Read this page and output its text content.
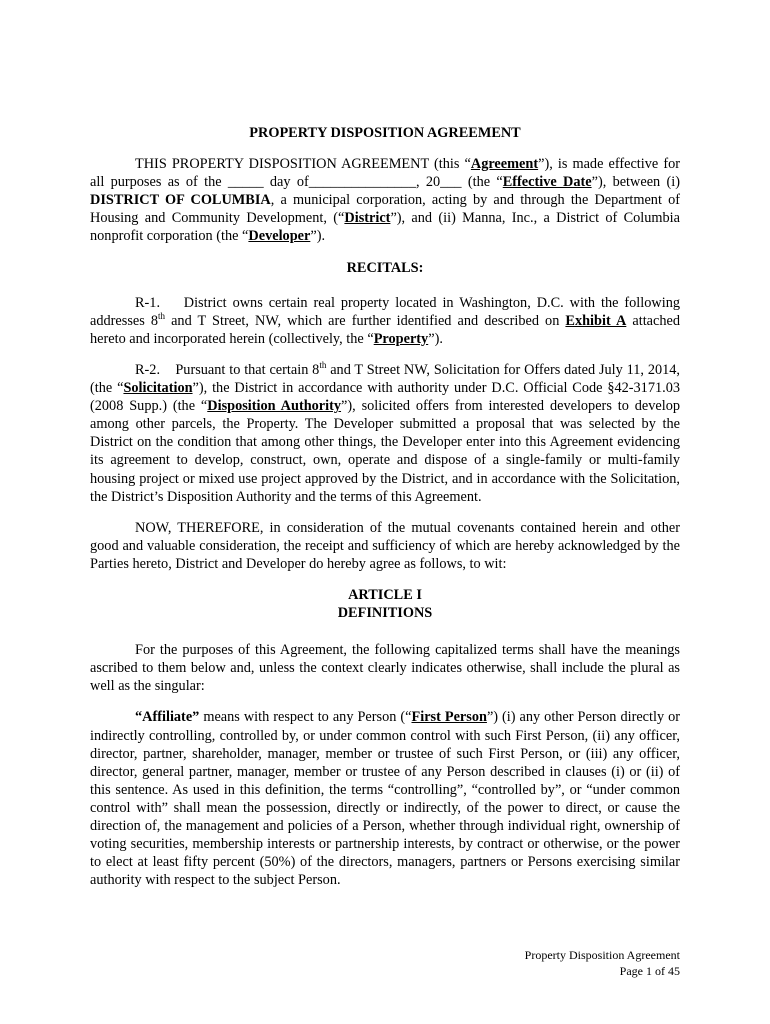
PROPERTY DISPOSITION AGREEMENT

THIS PROPERTY DISPOSITION AGREEMENT (this “Agreement”), is made effective for all purposes as of the _____ day of_______________, 20___ (the “Effective Date”), between (i) DISTRICT OF COLUMBIA, a municipal corporation, acting by and through the Department of Housing and Community Development, (“District”), and (ii) Manna, Inc., a District of Columbia nonprofit corporation (the “Developer”).

RECITALS:

R-1.    District owns certain real property located in Washington, D.C. with the following addresses 8th and T Street, NW, which are further identified and described on Exhibit A attached hereto and incorporated herein (collectively, the “Property”).

R-2.    Pursuant to that certain 8th and T Street NW, Solicitation for Offers dated July 11, 2014, (the “Solicitation”), the District in accordance with authority under D.C. Official Code §42-3171.03 (2008 Supp.) (the “Disposition Authority”), solicited offers from interested developers to develop among other parcels, the Property. The Developer submitted a proposal that was selected by the District on the condition that among other things, the Developer enter into this Agreement evidencing its agreement to develop, construct, own, operate and dispose of a single-family or multi-family housing project or mixed use project approved by the District, and in accordance with the Solicitation, the District’s Disposition Authority and the terms of this Agreement.

NOW, THEREFORE, in consideration of the mutual covenants contained herein and other good and valuable consideration, the receipt and sufficiency of which are hereby acknowledged by the Parties hereto, District and Developer do hereby agree as follows, to wit:

ARTICLE I
DEFINITIONS

For the purposes of this Agreement, the following capitalized terms shall have the meanings ascribed to them below and, unless the context clearly indicates otherwise, shall include the plural as well as the singular:

“Affiliate” means with respect to any Person (“First Person”) (i) any other Person directly or indirectly controlling, controlled by, or under common control with such First Person, (ii) any officer, director, partner, shareholder, manager, member or trustee of such First Person, or (iii) any officer, director, general partner, manager, member or trustee of any Person described in clauses (i) or (ii) of this sentence. As used in this definition, the terms “controlling”, “controlled by”, or “under common control with” shall mean the possession, directly or indirectly, of the power to direct, or cause the direction of, the management and policies of a Person, whether through individual right, ownership of voting securities, membership interests or partnership interests, by contract or otherwise, or the power to elect at least fifty percent (50%) of the directors, managers, partners or Persons exercising similar authority with respect to the subject Person.

Property Disposition Agreement
Page 1 of 45
